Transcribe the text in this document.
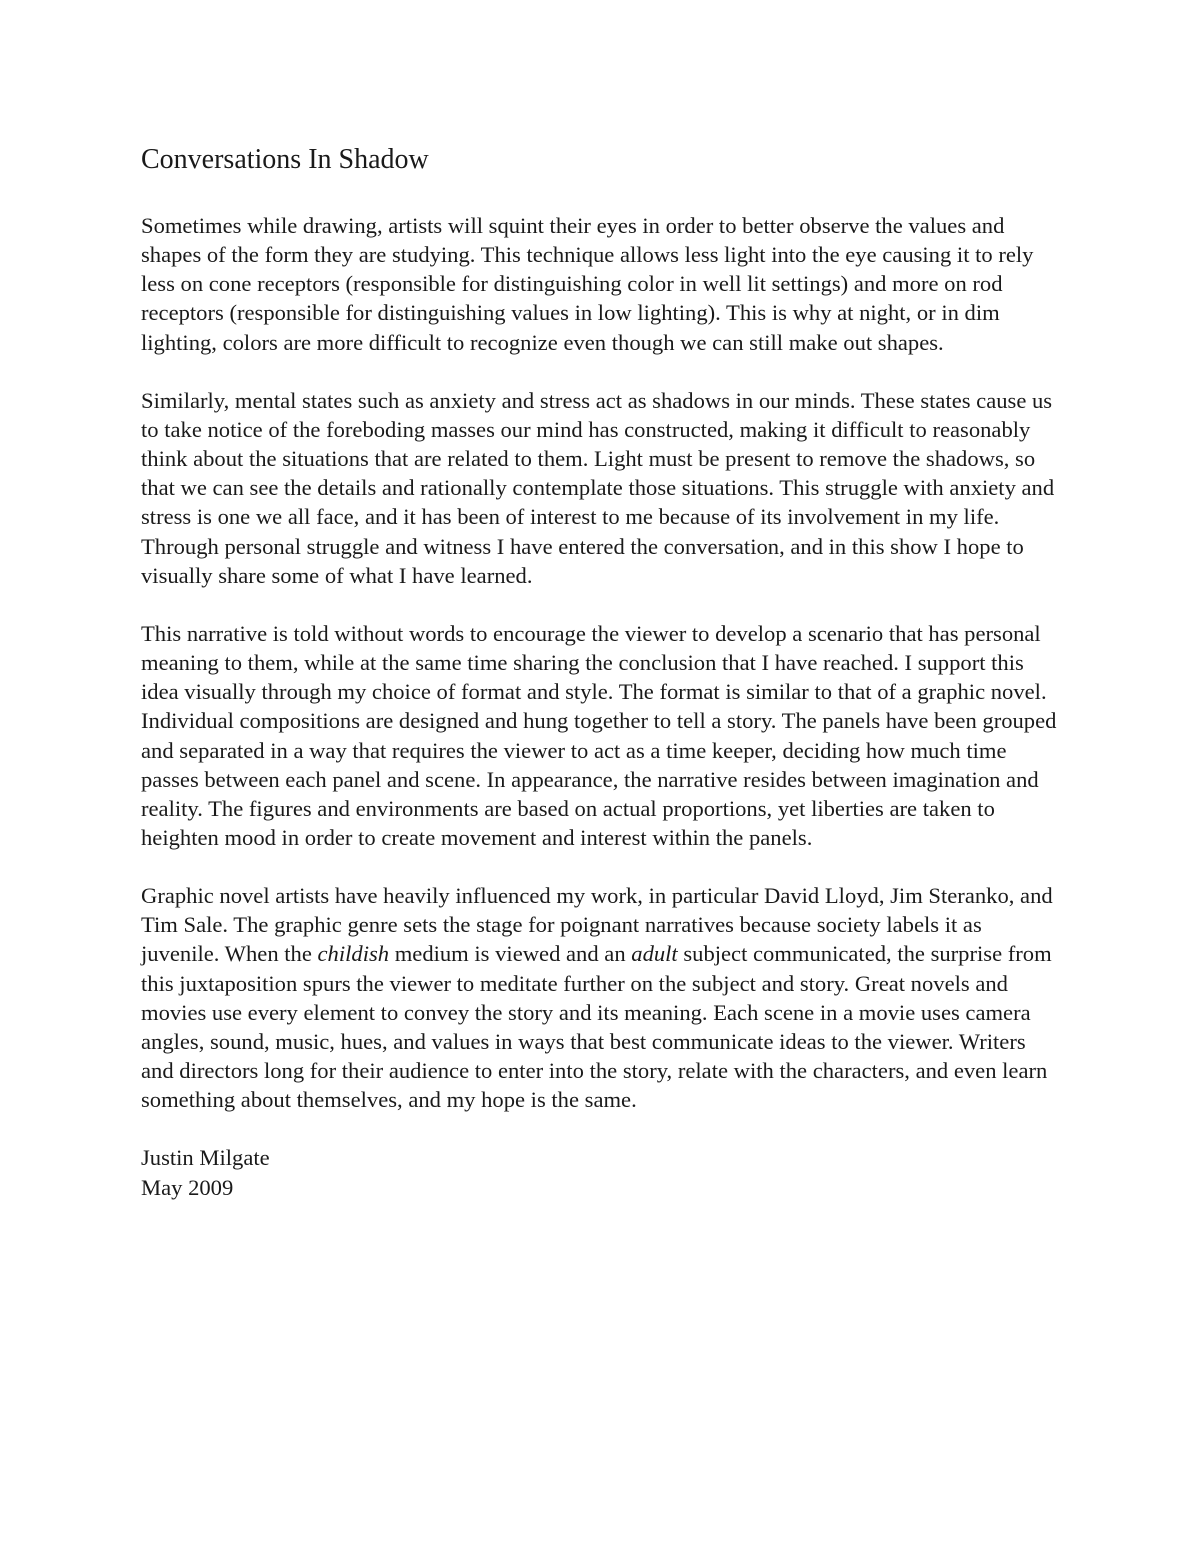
Conversations In Shadow

Sometimes while drawing, artists will squint their eyes in order to better observe the values and shapes of the form they are studying. This technique allows less light into the eye causing it to rely less on cone receptors (responsible for distinguishing color in well lit settings) and more on rod receptors (responsible for distinguishing values in low lighting). This is why at night, or in dim lighting, colors are more difficult to recognize even though we can still make out shapes.

Similarly, mental states such as anxiety and stress act as shadows in our minds. These states cause us to take notice of the foreboding masses our mind has constructed, making it difficult to reasonably think about the situations that are related to them. Light must be present to remove the shadows, so that we can see the details and rationally contemplate those situations. This struggle with anxiety and stress is one we all face, and it has been of interest to me because of its involvement in my life. Through personal struggle and witness I have entered the conversation, and in this show I hope to visually share some of what I have learned.

This narrative is told without words to encourage the viewer to develop a scenario that has personal meaning to them, while at the same time sharing the conclusion that I have reached. I support this idea visually through my choice of format and style. The format is similar to that of a graphic novel. Individual compositions are designed and hung together to tell a story. The panels have been grouped and separated in a way that requires the viewer to act as a time keeper, deciding how much time passes between each panel and scene. In appearance, the narrative resides between imagination and reality. The figures and environments are based on actual proportions, yet liberties are taken to heighten mood in order to create movement and interest within the panels.

Graphic novel artists have heavily influenced my work, in particular David Lloyd, Jim Steranko, and Tim Sale. The graphic genre sets the stage for poignant narratives because society labels it as juvenile. When the childish medium is viewed and an adult subject communicated, the surprise from this juxtaposition spurs the viewer to meditate further on the subject and story. Great novels and movies use every element to convey the story and its meaning. Each scene in a movie uses camera angles, sound, music, hues, and values in ways that best communicate ideas to the viewer. Writers and directors long for their audience to enter into the story, relate with the characters, and even learn something about themselves, and my hope is the same.

Justin Milgate
May 2009
